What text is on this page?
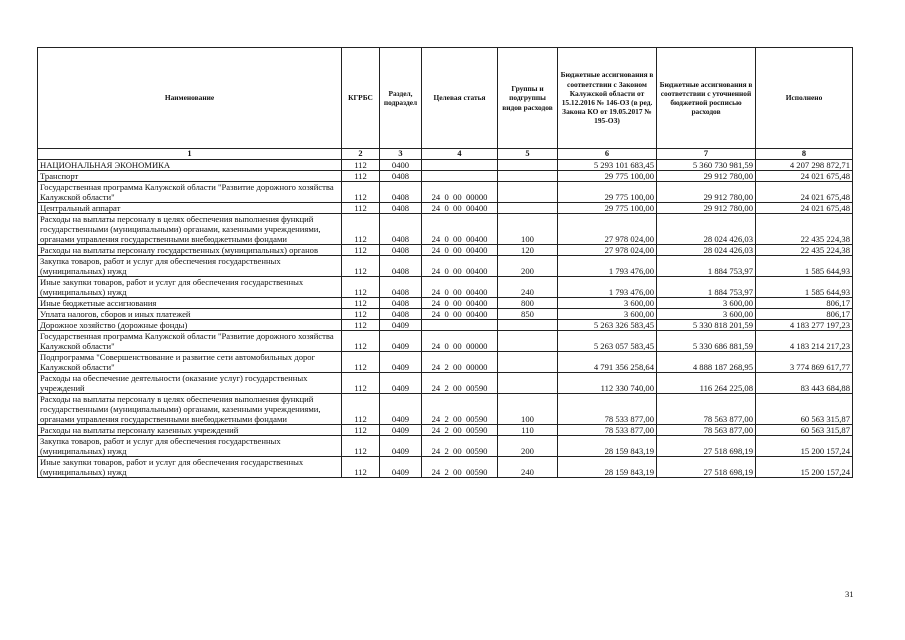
Наименование	КГРБС	Раздел, подраздел	Целевая статья	Группы и подгруппы видов расходов	Бюджетные ассигнования в соответствии с Законом Калужской области от 15.12.2016 № 146-ОЗ (в ред. Закона КО от 19.05.2017 № 195-ОЗ)	Бюджетные ассигнования в соответствии с уточненной бюджетной росписью расходов	Исполнено
1	2	3	4	5	6	7	8
НАЦИОНАЛЬНАЯ ЭКОНОМИКА	112	0400			5 293 101 683,45	5 360 730 981,59	4 207 298 872,71
Транспорт	112	0408			29 775 100,00	29 912 780,00	24 021 675,48
Государственная программа Калужской области "Развитие дорожного хозяйства Калужской области"	112	0408	24  0  00  00000		29 775 100,00	29 912 780,00	24 021 675,48
Центральный аппарат	112	0408	24  0  00  00400		29 775 100,00	29 912 780,00	24 021 675,48
Расходы на выплаты персоналу в целях обеспечения выполнения функций государственными (муниципальными) органами, казенными учреждениями, органами управления государственными внебюджетными фондами	112	0408	24  0  00  00400	100	27 978 024,00	28 024 426,03	22 435 224,38
Расходы на выплаты персоналу государственных (муниципальных) органов	112	0408	24  0  00  00400	120	27 978 024,00	28 024 426,03	22 435 224,38
Закупка товаров, работ и услуг для обеспечения государственных (муниципальных) нужд	112	0408	24  0  00  00400	200	1 793 476,00	1 884 753,97	1 585 644,93
Иные закупки товаров, работ и услуг для обеспечения государственных (муниципальных) нужд	112	0408	24  0  00  00400	240	1 793 476,00	1 884 753,97	1 585 644,93
Иные бюджетные ассигнования	112	0408	24  0  00  00400	800	3 600,00	3 600,00	806,17
Уплата налогов, сборов и иных платежей	112	0408	24  0  00  00400	850	3 600,00	3 600,00	806,17
Дорожное хозяйство (дорожные фонды)	112	0409			5 263 326 583,45	5 330 818 201,59	4 183 277 197,23
Государственная программа Калужской области "Развитие дорожного хозяйства Калужской области"	112	0409	24  0  00  00000		5 263 057 583,45	5 330 686 881,59	4 183 214 217,23
Подпрограмма "Совершенствование и развитие сети автомобильных дорог Калужской области"	112	0409	24  2  00  00000		4 791 356 258,64	4 888 187 268,95	3 774 869 617,77
Расходы на обеспечение деятельности (оказание услуг) государственных учреждений	112	0409	24  2  00  00590		112 330 740,00	116 264 225,08	83 443 684,88
Расходы на выплаты персоналу в целях обеспечения выполнения функций государственными (муниципальными) органами, казенными учреждениями, органами управления государственными внебюджетными фондами	112	0409	24  2  00  00590	100	78 533 877,00	78 563 877,00	60 563 315,87
Расходы на выплаты персоналу казенных учреждений	112	0409	24  2  00  00590	110	78 533 877,00	78 563 877,00	60 563 315,87
Закупка товаров, работ и услуг для обеспечения государственных (муниципальных) нужд	112	0409	24  2  00  00590	200	28 159 843,19	27 518 698,19	15 200 157,24
Иные закупки товаров, работ и услуг для обеспечения государственных (муниципальных) нужд	112	0409	24  2  00  00590	240	28 159 843,19	27 518 698,19	15 200 157,24
31
